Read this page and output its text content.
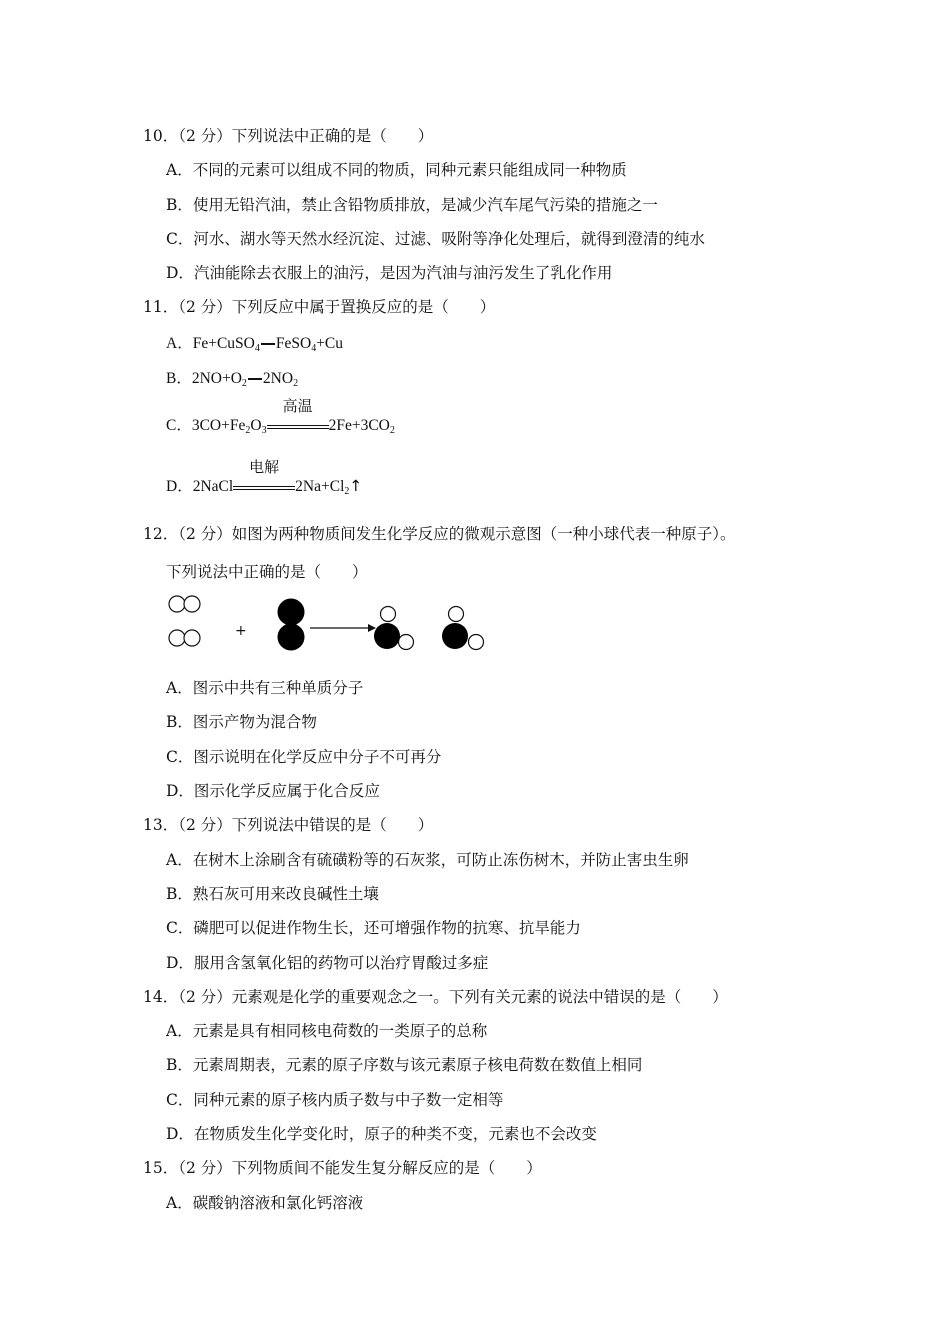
10．（2 分）下列说法中正确的是（　　）
A．不同的元素可以组成不同的物质，同种元素只能组成同一种物质
B．使用无铅汽油，禁止含铅物质排放，是减少汽车尾气污染的措施之一
C．河水、湖水等天然水经沉淀、过滤、吸附等净化处理后，就得到澄清的纯水
D．汽油能除去衣服上的油污，是因为汽油与油污发生了乳化作用
11．（2 分）下列反应中属于置换反应的是（　　）
A．Fe+CuSO$_4$ FeSO$_4$+Cu
B．$2NO+O_2$ $2NO_2$
C．$3CO+Fe_2O_3$
高温
$2Fe+3CO_2$
D．2NaCl
电解
$2Na+Cl_2↑$
12．（2 分）如图为两种物质间发生化学反应的微观示意图（一种小球代表一种原子）。
下列说法中正确的是（　　）
+
A．图示中共有三种单质分子
B．图示产物为混合物
C．图示说明在化学反应中分子不可再分
D．图示化学反应属于化合反应
13．（2 分）下列说法中错误的是（　　）
A．在树木上涂刷含有硫磺粉等的石灰浆，可防止冻伤树木，并防止害虫生卵
B．熟石灰可用来改良碱性土壤
C．磷肥可以促进作物生长，还可增强作物的抗寒、抗旱能力
D．服用含氢氧化铝的药物可以治疗胃酸过多症
14．（2 分）元素观是化学的重要观念之一。下列有关元素的说法中错误的是（　　）
A．元素是具有相同核电荷数的一类原子的总称
B．元素周期表，元素的原子序数与该元素原子核电荷数在数值上相同
C．同种元素的原子核内质子数与中子数一定相等
D．在物质发生化学变化时，原子的种类不变，元素也不会改变
15．（2 分）下列物质间不能发生复分解反应的是（　　）
A．碳酸钠溶液和氯化钙溶液
